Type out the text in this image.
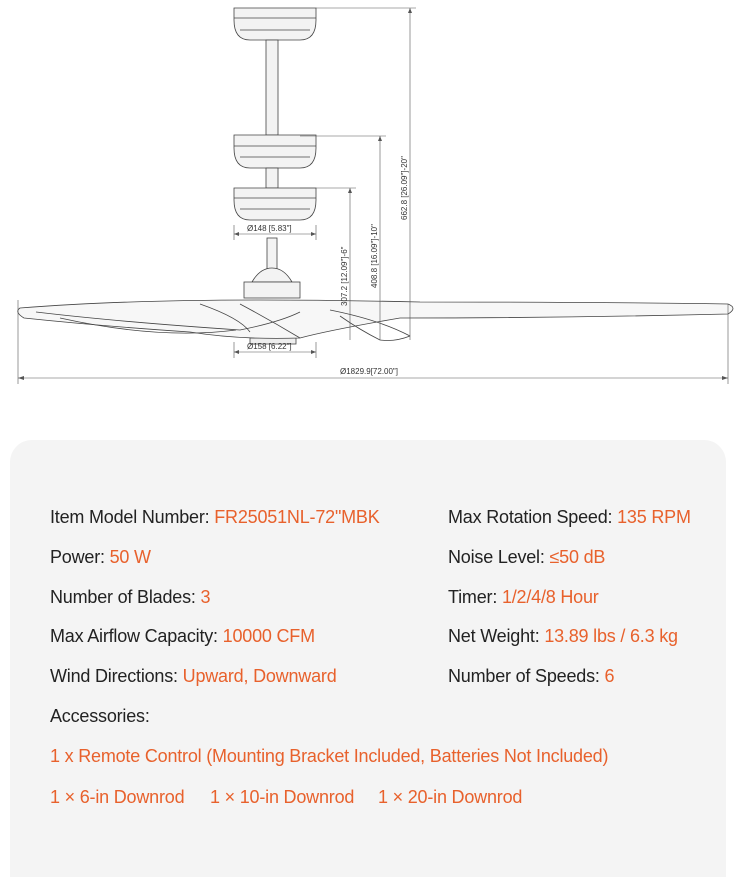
Ø148 [5.83"]
Ø158 [6.22"]
Ø1829.9[72.00"]
307.2 [12.09"]-6"	408.8 [16.09"]-10"
662.8 [26.09"]-20"
Item Model Number: FR25051NL-72"MBK
Power: 50 W
Number of Blades: 3
Max Airflow Capacity: 10000 CFM
Wind Directions: Upward, Downward
Max Rotation Speed: 135 RPM
Noise Level: ≤50 dB
Timer: 1/2/4/8 Hour
Net Weight: 13.89 lbs / 6.3 kg
Number of Speeds: 6
Accessories:
1 x Remote Control (Mounting Bracket Included, Batteries Not Included)
1 × 6-in Downrod 1 × 10-in Downrod 1 × 20-in Downrod
